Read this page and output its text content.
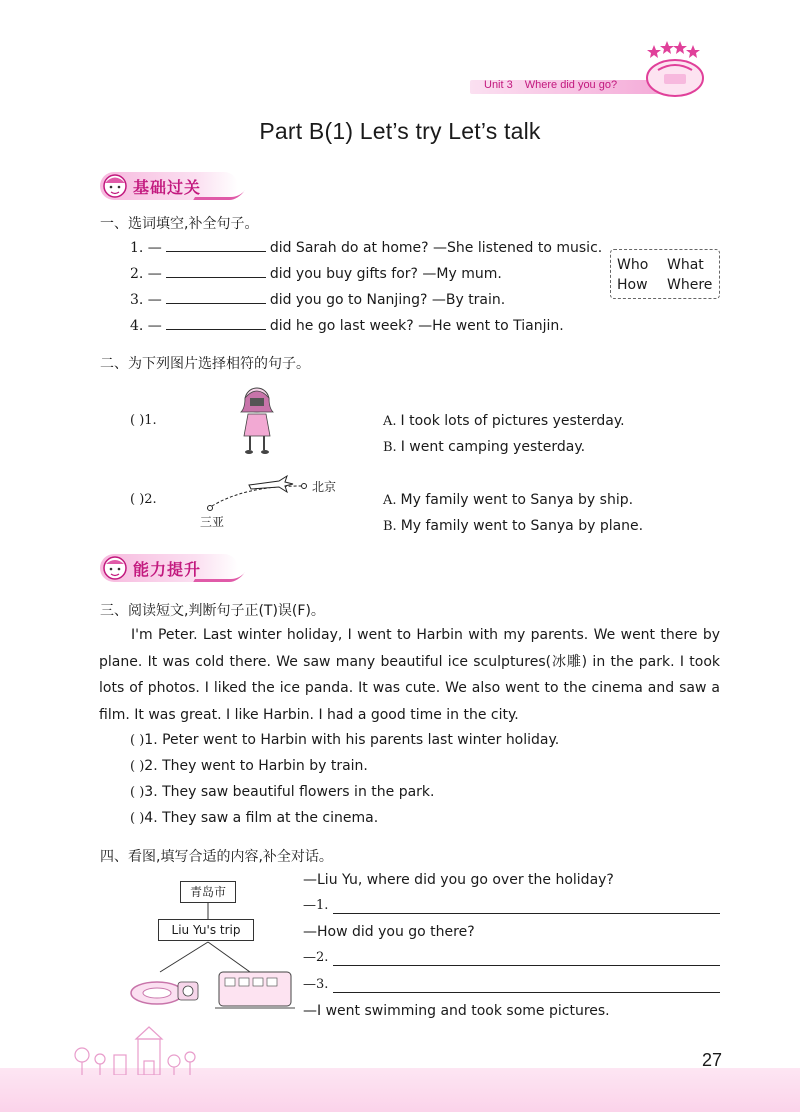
Unit 3 Where did you go?
Part B(1) Let’s try Let’s talk
基础过关
一、选词填空,补全句子。
1. —	did Sarah do at home? —She listened to music.
2. —	did you buy gifts for? —My mum.
3. —	did you go to Nanjing? —By train.
4. —	did he go last week? —He went to Tianjin.
Who What
How Where
二、为下列图片选择相符的句子。
( )1.	A. I took lots of pictures yesterday.
B. I went camping yesterday.
( )2.
北京
三亚
A. My family went to Sanya by ship.
B. My family went to Sanya by plane.
能力提升
三、阅读短文,判断句子正(T)误(F)。
I'm Peter. Last winter holiday, I went to Harbin with my parents. We went there by plane. It was cold there. We saw many beautiful ice sculptures(冰雕) in the park. I took lots of photos. I liked the ice panda. It was cute. We also went to the cinema and saw a film. It was great. I like Harbin. I had a good time in the city.
( )1. Peter went to Harbin with his parents last winter holiday.
( )2. They went to Harbin by train.
( )3. They saw beautiful flowers in the park.
( )4. They saw a film at the cinema.
四、看图,填写合适的内容,补全对话。
青岛市
Liu Yu's trip
—Liu Yu, where did you go over the holiday?
—1.
—How did you go there?
—2.
—3.
—I went swimming and took some pictures.
27
